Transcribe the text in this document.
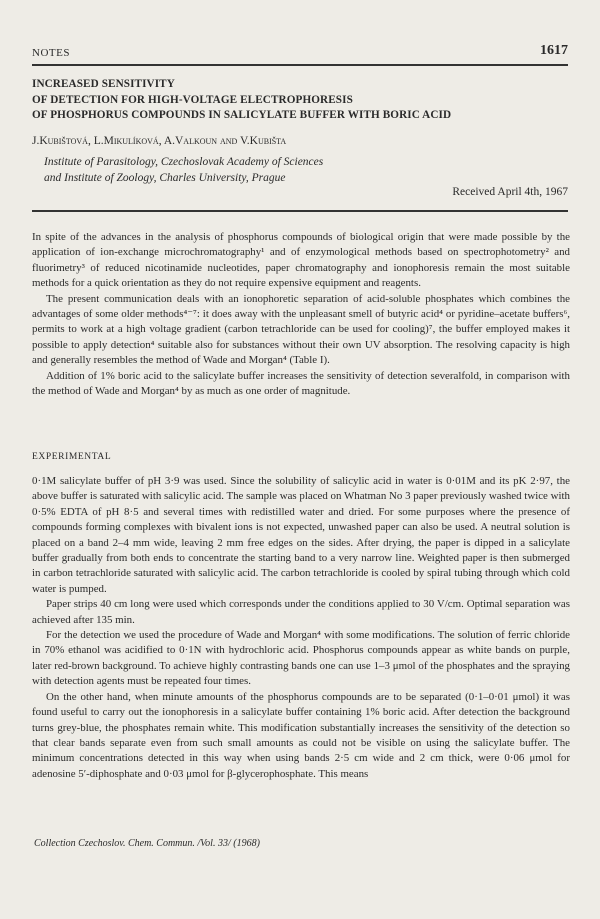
NOTES	1617
INCREASED SENSITIVITY
OF DETECTION FOR HIGH-VOLTAGE ELECTROPHORESIS
OF PHOSPHORUS COMPOUNDS IN SALICYLATE BUFFER WITH BORIC ACID
J.Kubištová, L.Mikulíková, A.Valkoun and V.Kubišta
Institute of Parasitology, Czechoslovak Academy of Sciences
and Institute of Zoology, Charles University, Prague
Received April 4th, 1967

In spite of the advances in the analysis of phosphorus compounds of biological origin that were made possible by the application of ion-exchange microchromatography¹ and of enzymological methods based on spectrophotometry² and fluorimetry³ of reduced nicotinamide nucleotides, paper chromatography and ionophoresis remain the most suitable methods for a quick orientation as they do not require expensive equipment and reagents.

The present communication deals with an ionophoretic separation of acid-soluble phosphates which combines the advantages of some older methods⁴⁻⁷: it does away with the unpleasant smell of butyric acid⁴ or pyridine–acetate buffers⁶, permits to work at a high voltage gradient (carbon tetrachloride can be used for cooling)⁷, the buffer employed makes it possible to apply detection⁴ suitable also for substances without their own UV absorption. The resolving capacity is high and generally resembles the method of Wade and Morgan⁴ (Table I).

Addition of 1% boric acid to the salicylate buffer increases the sensitivity of detection severalfold, in comparison with the method of Wade and Morgan⁴ by as much as one order of magnitude.

EXPERIMENTAL

0·1M salicylate buffer of pH 3·9 was used. Since the solubility of salicylic acid in water is 0·01M and its pK 2·97, the above buffer is saturated with salicylic acid. The sample was placed on Whatman No 3 paper previously washed twice with 0·5% EDTA of pH 8·5 and several times with redistilled water and dried. For some purposes where the presence of compounds forming complexes with bivalent ions is not expected, unwashed paper can also be used. A neutral solution is placed on a band 2–4 mm wide, leaving 2 mm free edges on the sides. After drying, the paper is dipped in a salicylate buffer gradually from both ends to concentrate the starting band to a very narrow line. Weighted paper is then submerged in carbon tetrachloride saturated with salicylic acid. The carbon tetrachloride is cooled by spiral tubing through which cold water is pumped.

Paper strips 40 cm long were used which corresponds under the conditions applied to 30 V/cm. Optimal separation was achieved after 135 min.

For the detection we used the procedure of Wade and Morgan⁴ with some modifications. The solution of ferric chloride in 70% ethanol was acidified to 0·1N with hydrochloric acid. Phosphorus compounds appear as white bands on purple, later red-brown background. To achieve highly contrasting bands one can use 1–3 μmol of the phosphates and the spraying with detection agents must be repeated four times.

On the other hand, when minute amounts of the phosphorus compounds are to be separated (0·1–0·01 μmol) it was found useful to carry out the ionophoresis in a salicylate buffer containing 1% boric acid. After detection the background turns grey-blue, the phosphates remain white. This modification substantially increases the sensitivity of the detection so that clear bands separate even from such small amounts as could not be visible on using the salicylate buffer. The minimum concentrations detected in this way when using bands 2·5 cm wide and 2 cm thick, were 0·06 μmol for adenosine 5′-diphosphate and 0·03 μmol for β-glycerophosphate. This means

Collection Czechoslov. Chem. Commun. /Vol. 33/ (1968)
